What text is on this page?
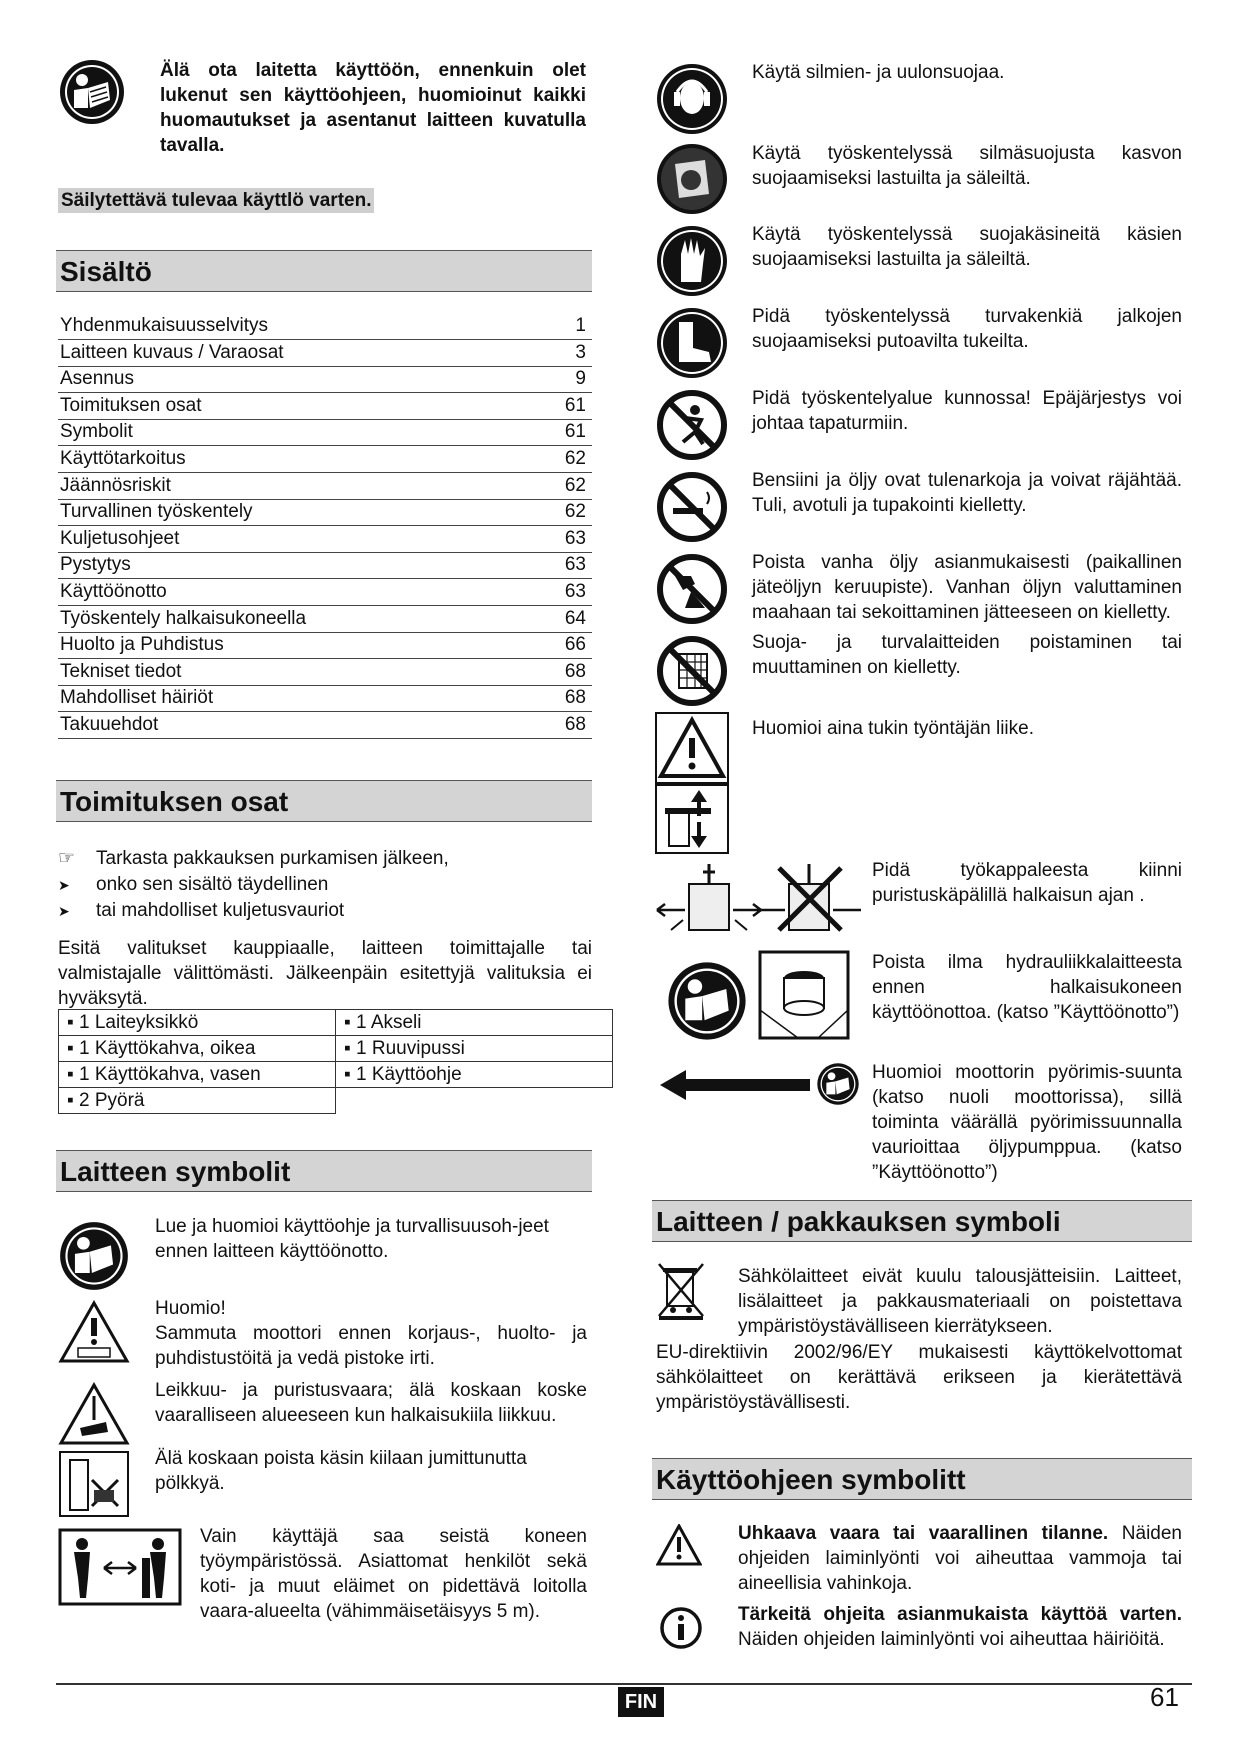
Älä ota laitetta käyttöön, ennenkuin olet lukenut sen käyttöohjeen, huomioinut kaikki huomautukset ja asentanut laitteen kuvatulla tavalla.
Säilytettävä tulevaa käyttlö varten.
Sisältö
Yhdenmukaisuusselvitys	1
Laitteen kuvaus / Varaosat	3
Asennus	9
Toimituksen osat	61
Symbolit	61
Käyttötarkoitus	62
Jäännösriskit	62
Turvallinen työskentely	62
Kuljetusohjeet	63
Pystytys	63
Käyttöönotto	63
Työskentely halkaisukoneella	64
Huolto ja Puhdistus	66
Tekniset tiedot	68
Mahdolliset häiriöt	68
Takuuehdot	68
Toimituksen osat
☞ Tarkasta pakkauksen purkamisen jälkeen,
➤ onko sen sisältö täydellinen
➤ tai mahdolliset kuljetusvauriot
Esitä valitukset kauppiaalle, laitteen toimittajalle tai valmistajalle välittömästi. Jälkeenpäin esitettyjä valituksia ei hyväksytä.
▪ 1 Laiteyksikkö	▪ 1 Akseli
▪ 1 Käyttökahva, oikea	▪ 1 Ruuvipussi
▪ 1 Käyttökahva, vasen	▪ 1 Käyttöohje
▪ 2 Pyörä	
Laitteen symbolit
Lue ja huomioi käyttöohje ja turvallisuusoh-jeet ennen laitteen käyttöönotto.
Huomio!
Sammuta moottori ennen korjaus-, huolto- ja puhdistustöitä ja vedä pistoke irti.
Leikkuu- ja puristusvaara; älä koskaan koske vaaralliseen alueeseen kun halkaisukiila liikkuu.
Älä koskaan poista käsin kiilaan jumittunutta pölkkyä.
Vain käyttäjä saa seistä koneen työympäristössä. Asiattomat henkilöt sekä koti- ja muut eläimet on pidettävä loitolla vaara-alueelta (vähimmäisetäisyys 5 m).
Käytä silmien- ja uulonsuojaa.
Käytä työskentelyssä silmäsuojusta kasvon suojaamiseksi lastuilta ja säleiltä.
Käytä työskentelyssä suojakäsineitä käsien suojaamiseksi lastuilta ja säleiltä.
Pidä työskentelyssä turvakenkiä jalkojen suojaamiseksi putoavilta tukeilta.
Pidä työskentelyalue kunnossa! Epäjärjestys voi johtaa tapaturmiin.
Bensiini ja öljy ovat tulenarkoja ja voivat räjähtää. Tuli, avotuli ja tupakointi kielletty.
Poista vanha öljy asianmukaisesti (paikallinen jäteöljyn keruupiste). Vanhan öljyn valuttaminen maahaan tai sekoittaminen jätteeseen on kielletty.
Suoja- ja turvalaitteiden poistaminen tai muuttaminen on kielletty.
Huomioi aina tukin työntäjän liike.
Pidä työkappaleesta kiinni puristuskäpälillä halkaisun ajan .
Poista ilma hydrauliikkalaitteesta ennen halkaisukoneen käyttöönottoa. (katso ”Käyttöönotto”)
Huomioi moottorin pyörimis-suunta (katso nuoli moottorissa), sillä toiminta väärällä pyörimissuunnalla vaurioittaa öljypumppua. (katso ”Käyttöönotto”)
Laitteen / pakkauksen symboli
Sähkölaitteet eivät kuulu talousjätteisiin. Laitteet, lisälaitteet ja pakkausmateriaali on poistettava ympäristöystävälliseen kierrätykseen.
EU-direktiivin 2002/96/EY mukaisesti käyttökelvottomat sähkölaitteet on kerättävä erikseen ja kierätettävä ympäristöystävällisesti.
Käyttöohjeen symbolitt
Uhkaava vaara tai vaarallinen tilanne. Näiden ohjeiden laiminlyönti voi aiheuttaa vammoja tai aineellisia vahinkoja.
Tärkeitä ohjeita asianmukaista käyttöä varten. Näiden ohjeiden laiminlyönti voi aiheuttaa häiriöitä.
FIN	61
